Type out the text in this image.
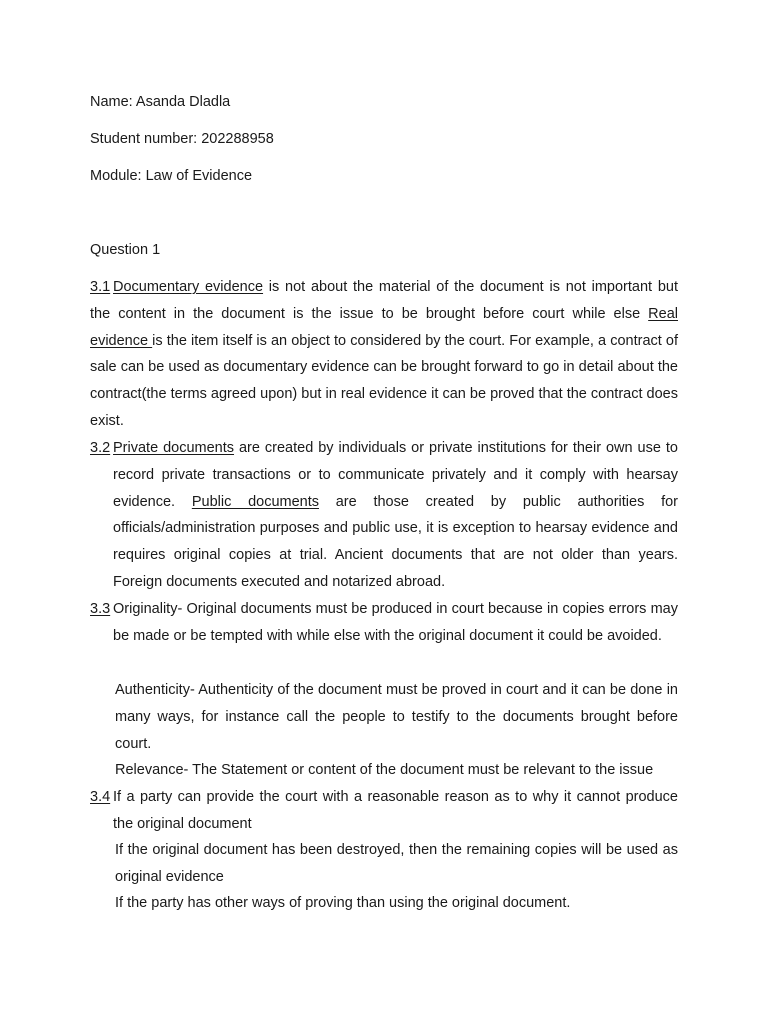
Name: Asanda Dladla

Student number: 202288958

Module: Law of Evidence

Question 1

3.1 Documentary evidence is not about the material of the document is not important but the content in the document is the issue to be brought before court while else Real evidence is the item itself is an object to considered by the court. For example, a contract of sale can be used as documentary evidence can be brought forward to go in detail about the contract(the terms agreed upon) but in real evidence it can be proved that the contract does exist.
3.2 Private documents are created by individuals or private institutions for their own use to record private transactions or to communicate privately and it comply with hearsay evidence. Public documents are those created by public authorities for officials/administration purposes and public use, it is exception to hearsay evidence and requires original copies at trial. Ancient documents that are not older than years. Foreign documents executed and notarized abroad.
3.3 Originality- Original documents must be produced in court because in copies errors may be made or be tempted with while else with the original document it could be avoided.
Authenticity- Authenticity of the document must be proved in court and it can be done in many ways, for instance call the people to testify to the documents brought before court.
Relevance- The Statement or content of the document must be relevant to the issue
3.4 If a party can provide the court with a reasonable reason as to why it cannot produce the original document
If the original document has been destroyed, then the remaining copies will be used as original evidence
If the party has other ways of proving than using the original document.
